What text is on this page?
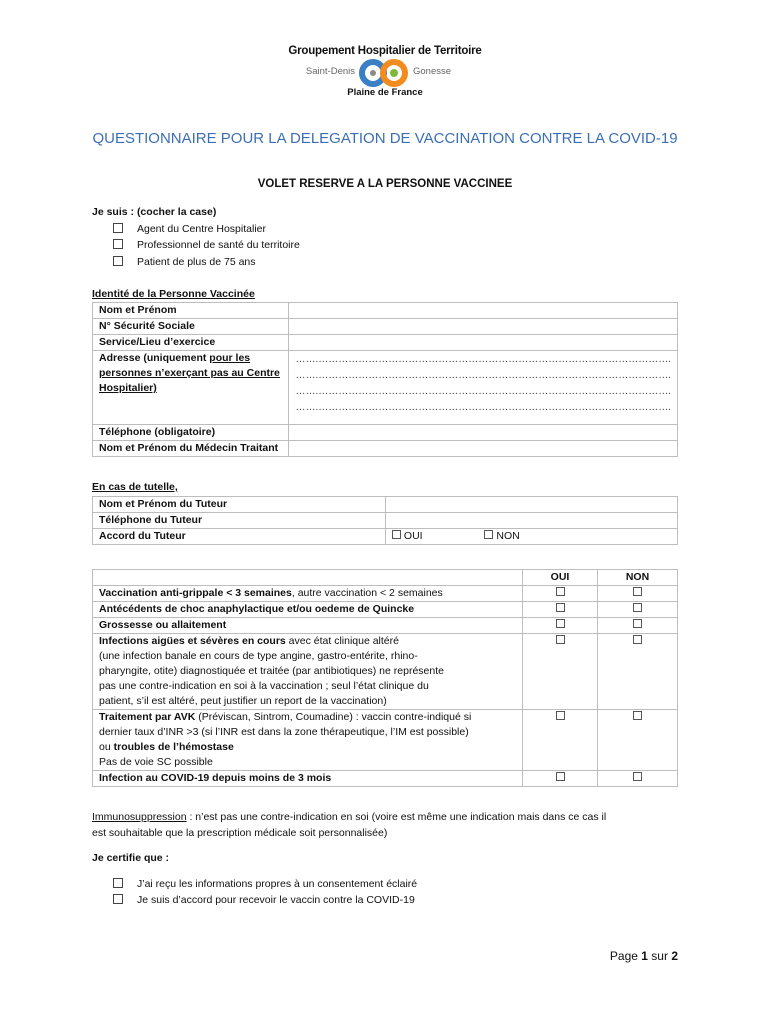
Groupement Hospitalier de Territoire
Saint-Denis	Gonesse
Plaine de France
QUESTIONNAIRE POUR LA DELEGATION DE VACCINATION CONTRE LA COVID-19
VOLET RESERVE A LA PERSONNE VACCINEE
Je suis : (cocher la case)
Agent du Centre Hospitalier
Professionnel de santé du territoire
Patient de plus de 75 ans
Identité de la Personne Vaccinée
Nom et Prénom	
N° Sécurité Sociale	
Service/Lieu d’exercice	
Adresse (uniquement pour les personnes n’exerçant pas au Centre Hospitalier)	…….…………………………………………………………………………………………….
…….…………………………………………………………………………………………….
…….…………………………………………………………………………………………….
…….…………………………………………………………………………………………….

Téléphone (obligatoire)	
Nom et Prénom du Médecin Traitant	
En cas de tutelle,
Nom et Prénom du Tuteur	
Téléphone du Tuteur	
Accord du Tuteur	OUI NON
	OUI	NON
Vaccination anti-grippale < 3 semaines, autre vaccination < 2 semaines		
Antécédents de choc anaphylactique et/ou oedeme de Quincke		
Grossesse ou allaitement		
Infections aigües et sévères en cours avec état clinique altéré
(une infection banale en cours de type angine, gastro-entérite, rhino-
pharyngite, otite) diagnostiquée et traitée (par antibiotiques) ne représente
pas une contre-indication en soi à la vaccination ; seul l’état clinique du
patient, s’il est altéré, peut justifier un report de la vaccination)		
Traitement par AVK (Préviscan, Sintrom, Coumadine) : vaccin contre-indiqué si
dernier taux d’INR >3 (si l’INR est dans la zone thérapeutique, l’IM est possible)
ou troubles de l’hémostase
Pas de voie SC possible		
Infection au COVID-19 depuis moins de 3 mois		
Immunosuppression : n’est pas une contre-indication en soi (voire est même une indication mais dans ce cas il
est souhaitable que la prescription médicale soit personnalisée)
Je certifie que :
J’ai reçu les informations propres à un consentement éclairé
Je suis d’accord pour recevoir le vaccin contre la COVID-19
Page 1 sur 2
